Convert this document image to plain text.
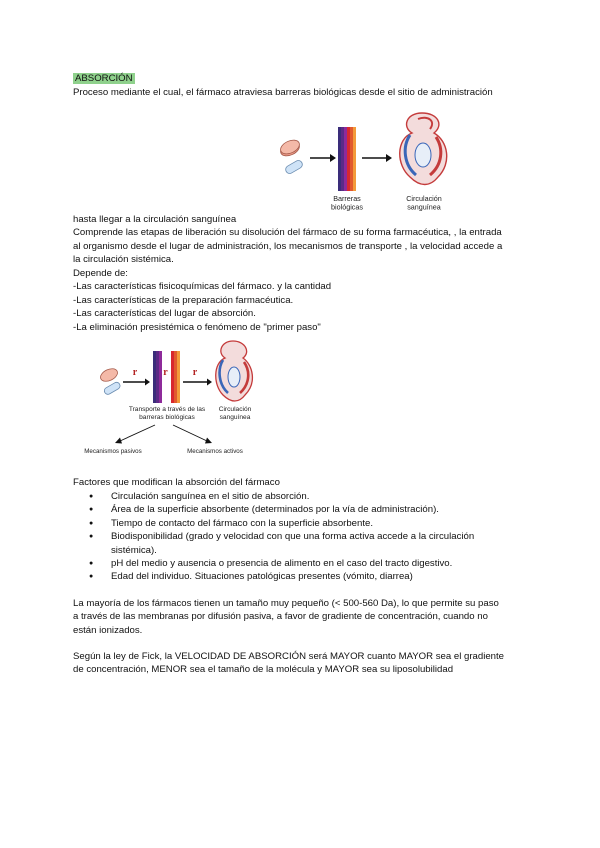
ABSORCIÓN
Proceso mediante el cual, el fármaco atraviesa barreras biológicas desde el sitio de administración
Barreras
biológicas
Circulación
sanguínea
hasta llegar a la circulación sanguínea
Comprende las etapas de liberación su disolución del fármaco de su forma farmacéutica, , la entrada
al organismo desde el lugar de administración, los mecanismos de transporte , la velocidad accede a
la circulación sistémica.
Depende de:
-Las características fisicoquímicas del fármaco. y la cantidad
-Las características de la preparación farmacéutica.
-Las características del lugar de absorción.
-La eliminación presistémica o fenómeno de "primer paso"
r	r	r
Transporte a través de las
barreras biológicas
Circulación
sanguínea
Mecanismos pasivos	Mecanismos activos
Factores que modifican la absorción del fármaco
● Circulación sanguínea en el sitio de absorción.
● Área de la superficie absorbente (determinados por la vía de administración).
● Tiempo de contacto del fármaco con la superficie absorbente.
● Biodisponibilidad (grado y velocidad con que una forma activa accede a la circulación
sistémica).
● pH del medio y ausencia o presencia de alimento en el caso del tracto digestivo.
● Edad del individuo. Situaciones patológicas presentes (vómito, diarrea)
La mayoría de los fármacos tienen un tamaño muy pequeño (< 500-560 Da), lo que permite su paso
a través de las membranas por difusión pasiva, a favor de gradiente de concentración, cuando no
están ionizados.
Según la ley de Fick, la VELOCIDAD DE ABSORCIÓN será MAYOR cuanto MAYOR sea el gradiente
de concentración, MENOR sea el tamaño de la molécula y MAYOR sea su liposolubilidad
